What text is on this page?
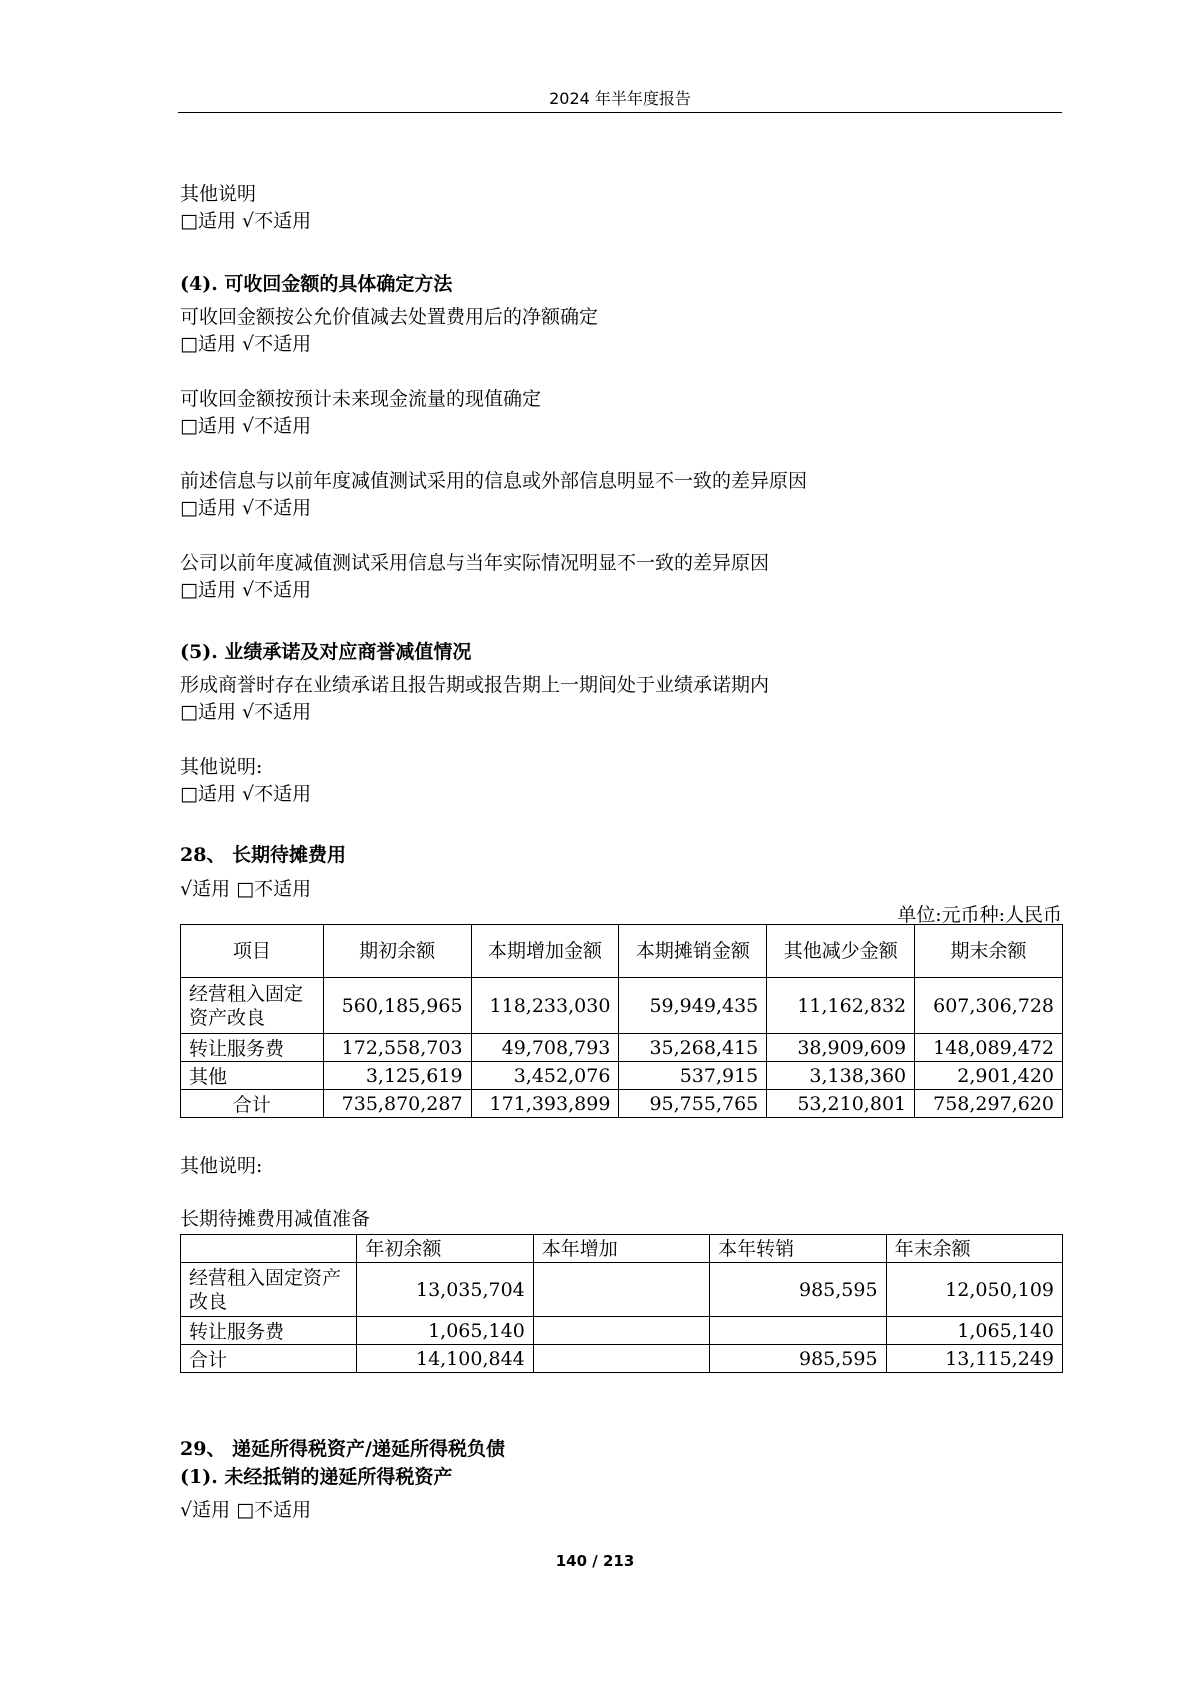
2024 年半年度报告
其他说明
□适用 √不适用
(4). 可收回金额的具体确定方法
可收回金额按公允价值减去处置费用后的净额确定
□适用 √不适用
可收回金额按预计未来现金流量的现值确定
□适用 √不适用
前述信息与以前年度减值测试采用的信息或外部信息明显不一致的差异原因
□适用 √不适用
公司以前年度减值测试采用信息与当年实际情况明显不一致的差异原因
□适用 √不适用
(5). 业绩承诺及对应商誉减值情况
形成商誉时存在业绩承诺且报告期或报告期上一期间处于业绩承诺期内
□适用 √不适用
其他说明:
□适用 √不适用
28、 长期待摊费用
√适用 □不适用
单位:元币种:人民币
项目	期初余额	本期增加金额	本期摊销金额	其他减少金额	期末余额
经营租入固定资产改良	560,185,965	118,233,030	59,949,435	11,162,832	607,306,728
转让服务费	172,558,703	49,708,793	35,268,415	38,909,609	148,089,472
其他	3,125,619	3,452,076	537,915	3,138,360	2,901,420
合计	735,870,287	171,393,899	95,755,765	53,210,801	758,297,620
其他说明:
长期待摊费用减值准备
	年初余额	本年增加	本年转销	年末余额
经营租入固定资产改良	13,035,704		985,595	12,050,109
转让服务费	1,065,140			1,065,140
合计	14,100,844		985,595	13,115,249
29、 递延所得税资产/递延所得税负债
(1). 未经抵销的递延所得税资产
√适用 □不适用
140 / 213
